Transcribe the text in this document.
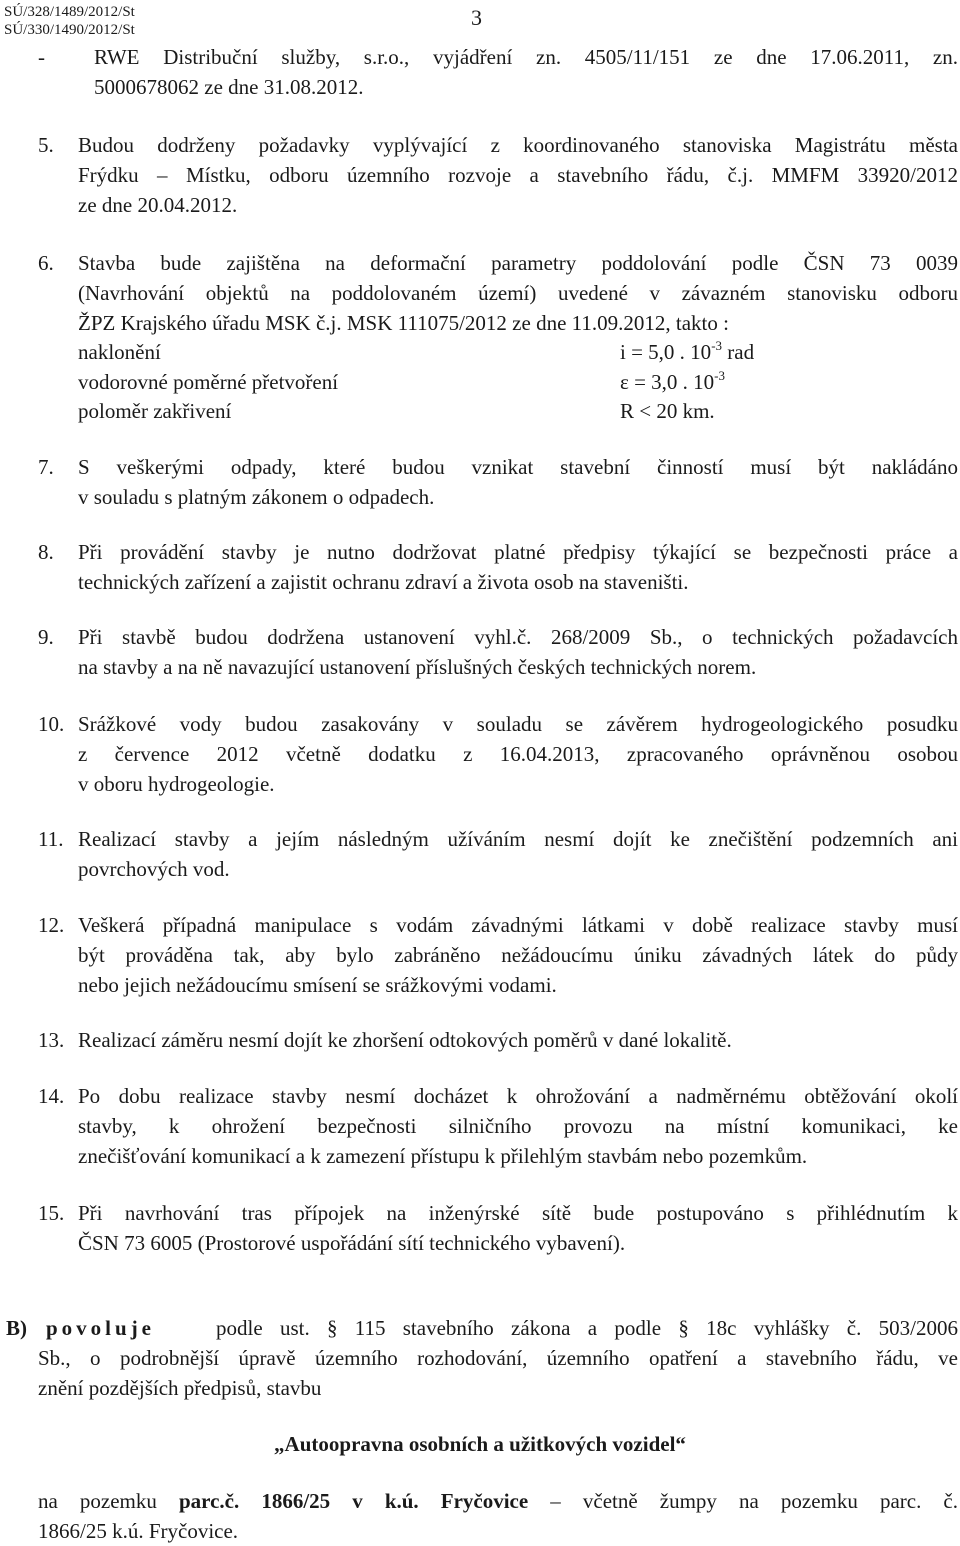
SÚ/328/1489/2012/St
SÚ/330/1490/2012/St	3
- RWE Distribuční služby, s.r.o., vyjádření zn. 4505/11/151 ze dne 17.06.2011, zn.
5000678062 ze dne 31.08.2012.
5. Budou dodrženy požadavky vyplývající z koordinovaného stanoviska Magistrátu města
Frýdku – Místku, odboru územního rozvoje a stavebního řádu, č.j. MMFM 33920/2012
ze dne 20.04.2012.
6. Stavba bude zajištěna na deformační parametry poddolování podle ČSN 73 0039
(Navrhování objektů na poddolovaném území) uvedené v závazném stanovisku odboru
ŽPZ Krajského úřadu MSK č.j. MSK 111075/2012 ze dne 11.09.2012, takto :
naklonění	i = 5,0 . $10^{-3}$ rad
vodorovné poměrné přetvoření	ε = 3,0 . $10^{-3}$
poloměr zakřivení	R < 20 km.
7. S veškerými odpady, které budou vznikat stavební činností musí být nakládáno
v souladu s platným zákonem o odpadech.
8. Při provádění stavby je nutno dodržovat platné předpisy týkající se bezpečnosti práce a
technických zařízení a zajistit ochranu zdraví a života osob na staveništi.
9. Při stavbě budou dodržena ustanovení vyhl.č. 268/2009 Sb., o technických požadavcích
na stavby a na ně navazující ustanovení příslušných českých technických norem.
10. Srážkové vody budou zasakovány v souladu se závěrem hydrogeologického posudku
z července 2012 včetně dodatku z 16.04.2013, zpracovaného oprávněnou osobou
v oboru hydrogeologie.
11. Realizací stavby a jejím následným užíváním nesmí dojít ke znečištění podzemních ani
povrchových vod.
12. Veškerá případná manipulace s vodám závadnými látkami v době realizace stavby musí
být prováděna tak, aby bylo zabráněno nežádoucímu úniku závadných látek do půdy
nebo jejich nežádoucímu smísení se srážkovými vodami.
13. Realizací záměru nesmí dojít ke zhoršení odtokových poměrů v dané lokalitě.
14. Po dobu realizace stavby nesmí docházet k ohrožování a nadměrnému obtěžování okolí
stavby, k ohrožení bezpečnosti silničního provozu na místní komunikaci, ke
znečišťování komunikací a k zamezení přístupu k přilehlým stavbám nebo pozemkům.
15. Při navrhování tras přípojek na inženýrské sítě bude postupováno s přihlédnutím k
ČSN 73 6005 (Prostorové uspořádání sítí technického vybavení).
B) povoluje	podle ust. § 115 stavebního zákona a podle § 18c vyhlášky č. 503/2006
Sb., o podrobnější úpravě územního rozhodování, územního opatření a stavebního řádu, ve
znění pozdějších předpisů, stavbu
„Autoopravna osobních a užitkových vozidel“
na pozemku parc.č. 1866/25 v k.ú. Fryčovice – včetně žumpy na pozemku parc. č.
1866/25 k.ú. Fryčovice.
